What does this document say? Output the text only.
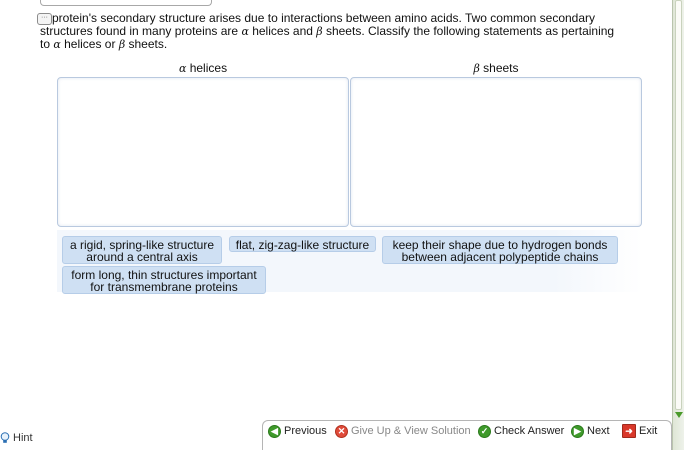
··· protein's secondary structure arises due to interactions between amino acids. Two common secondary
structures found in many proteins are α helices and β sheets. Classify the following statements as pertaining
to α helices or β sheets.
α helices	β sheets
a rigid, spring-like structure
around a central axis
flat, zig-zag-like structure	keep their shape due to hydrogen bonds
between adjacent polypeptide chains
form long, thin structures important
for transmembrane proteins
Hint
◀ Previous	✕ Give Up & View Solution	✓ Check Answer	▶ Next	➜ Exit
